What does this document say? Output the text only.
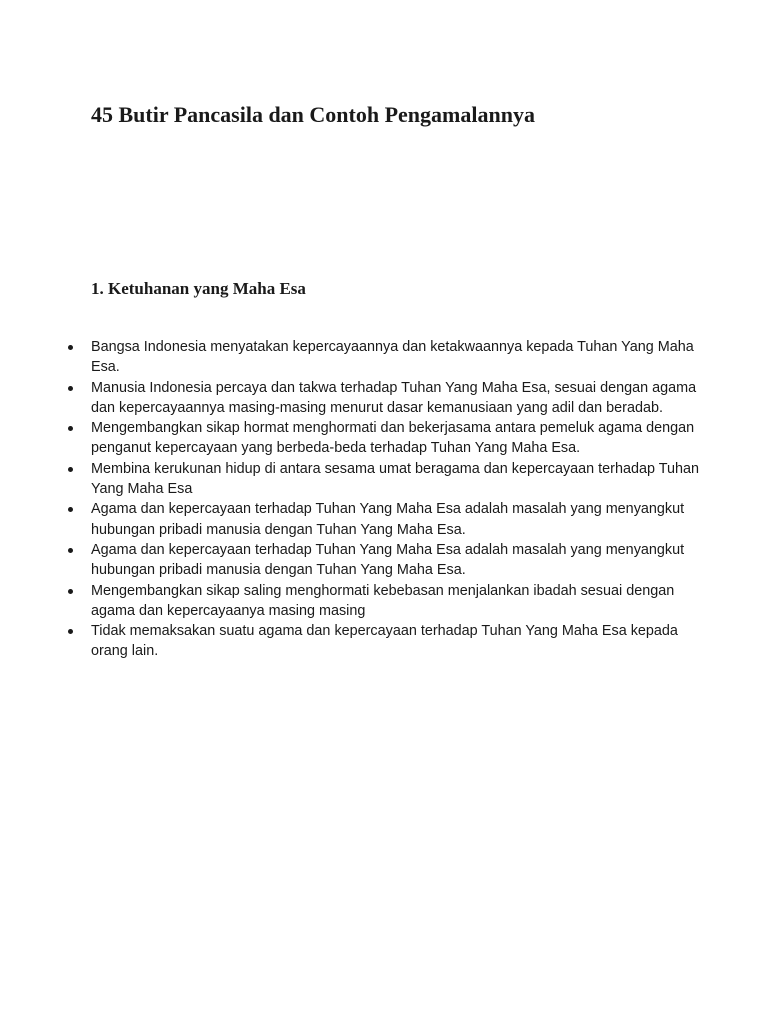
45 Butir Pancasila dan Contoh Pengamalannya
1. Ketuhanan yang Maha Esa
Bangsa Indonesia menyatakan kepercayaannya dan ketakwaannya kepada Tuhan Yang Maha Esa.
Manusia Indonesia percaya dan takwa terhadap Tuhan Yang Maha Esa, sesuai dengan agama dan kepercayaannya masing-masing menurut dasar kemanusiaan yang adil dan beradab.
Mengembangkan sikap hormat menghormati dan bekerjasama antara pemeluk agama dengan penganut kepercayaan yang berbeda-beda terhadap Tuhan Yang Maha Esa.
Membina kerukunan hidup di antara sesama umat beragama dan kepercayaan terhadap Tuhan Yang Maha Esa
Agama dan kepercayaan terhadap Tuhan Yang Maha Esa adalah masalah yang menyangkut hubungan pribadi manusia dengan Tuhan Yang Maha Esa.
Agama dan kepercayaan terhadap Tuhan Yang Maha Esa adalah masalah yang menyangkut hubungan pribadi manusia dengan Tuhan Yang Maha Esa.
Mengembangkan sikap saling menghormati kebebasan menjalankan ibadah sesuai dengan agama dan kepercayaanya masing masing
Tidak memaksakan suatu agama dan kepercayaan terhadap Tuhan Yang Maha Esa kepada orang lain.
